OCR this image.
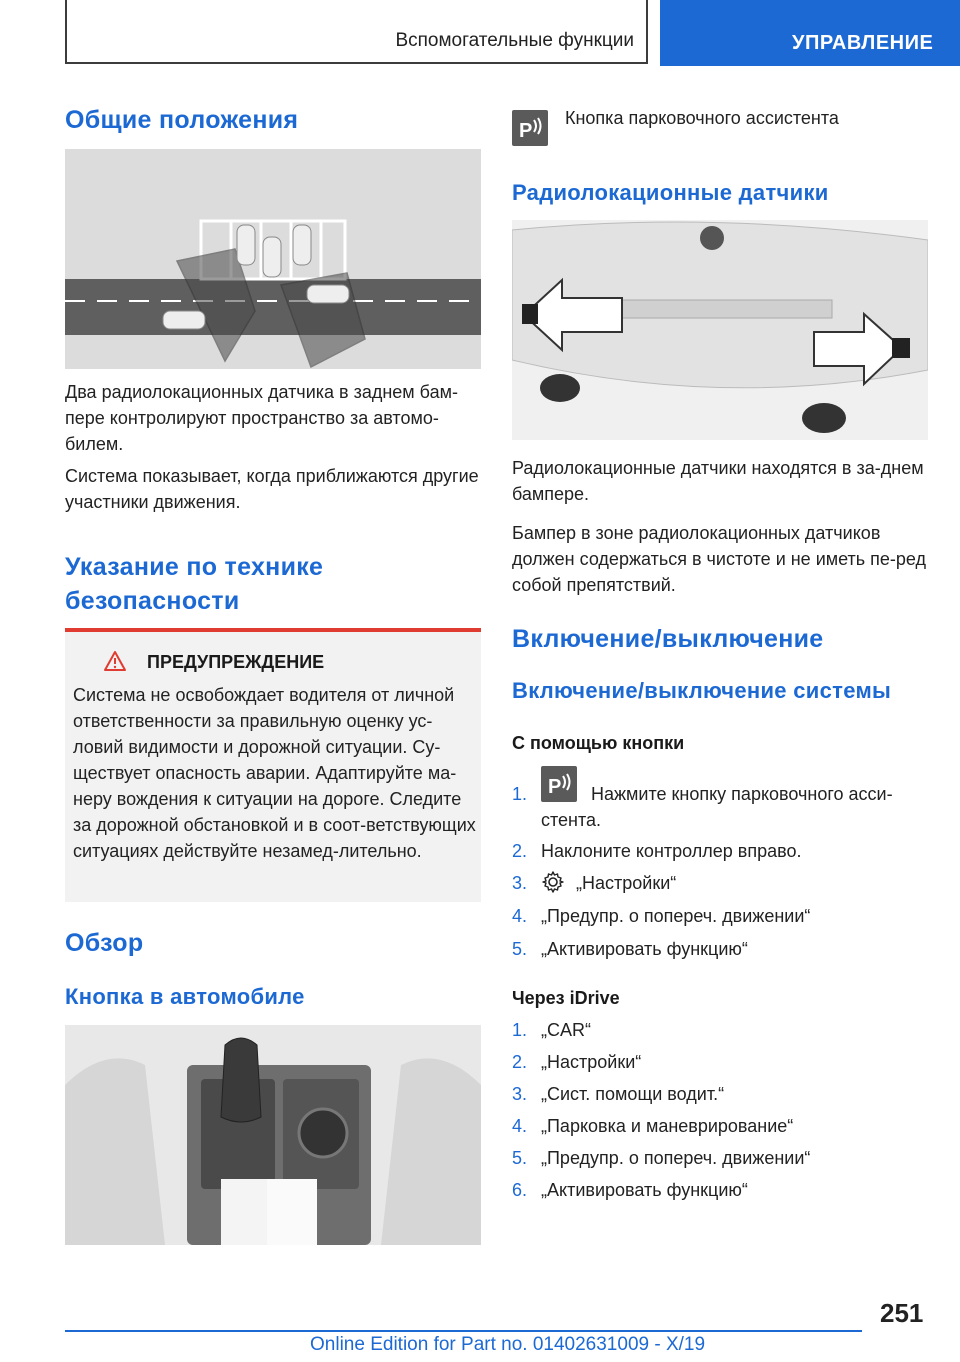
Вспомогательные функции	УПРАВЛЕНИЕ
Общие положения
Два радиолокационных датчика в заднем бам-пере контролируют пространство за автомо-билем.
Система показывает, когда приближаются другие участники движения.
Указание по технике безопасности
ПРЕДУПРЕЖДЕНИЕ
Система не освобождает водителя от личной ответственности за правильную оценку ус-ловий видимости и дорожной ситуации. Су-ществует опасность аварии. Адаптируйте ма-неру вождения к ситуации на дороге. Следите за дорожной обстановкой и в соот-ветствующих ситуациях действуйте незамед-лительно.
Обзор
Кнопка в автомобиле
P
Кнопка парковочного ассистента
Радиолокационные датчики
Радиолокационные датчики находятся в за-днем бампере.
Бампер в зоне радиолокационных датчиков должен содержаться в чистоте и не иметь пе-ред собой препятствий.
Включение/выключение
Включение/выключение системы
С помощью кнопки
1. P Нажмите кнопку парковочного асси-
стента.
2. Наклоните контроллер вправо.
3.	„Настройки“
4. „Предупр. о попереч. движении“
5. „Активировать функцию“
Через iDrive
1. „CAR“
2. „Настройки“
3. „Сист. помощи водит.“
4. „Парковка и маневрирование“
5. „Предупр. о попереч. движении“
6. „Активировать функцию“
251
Online Edition for Part no. 01402631009 - X/19
